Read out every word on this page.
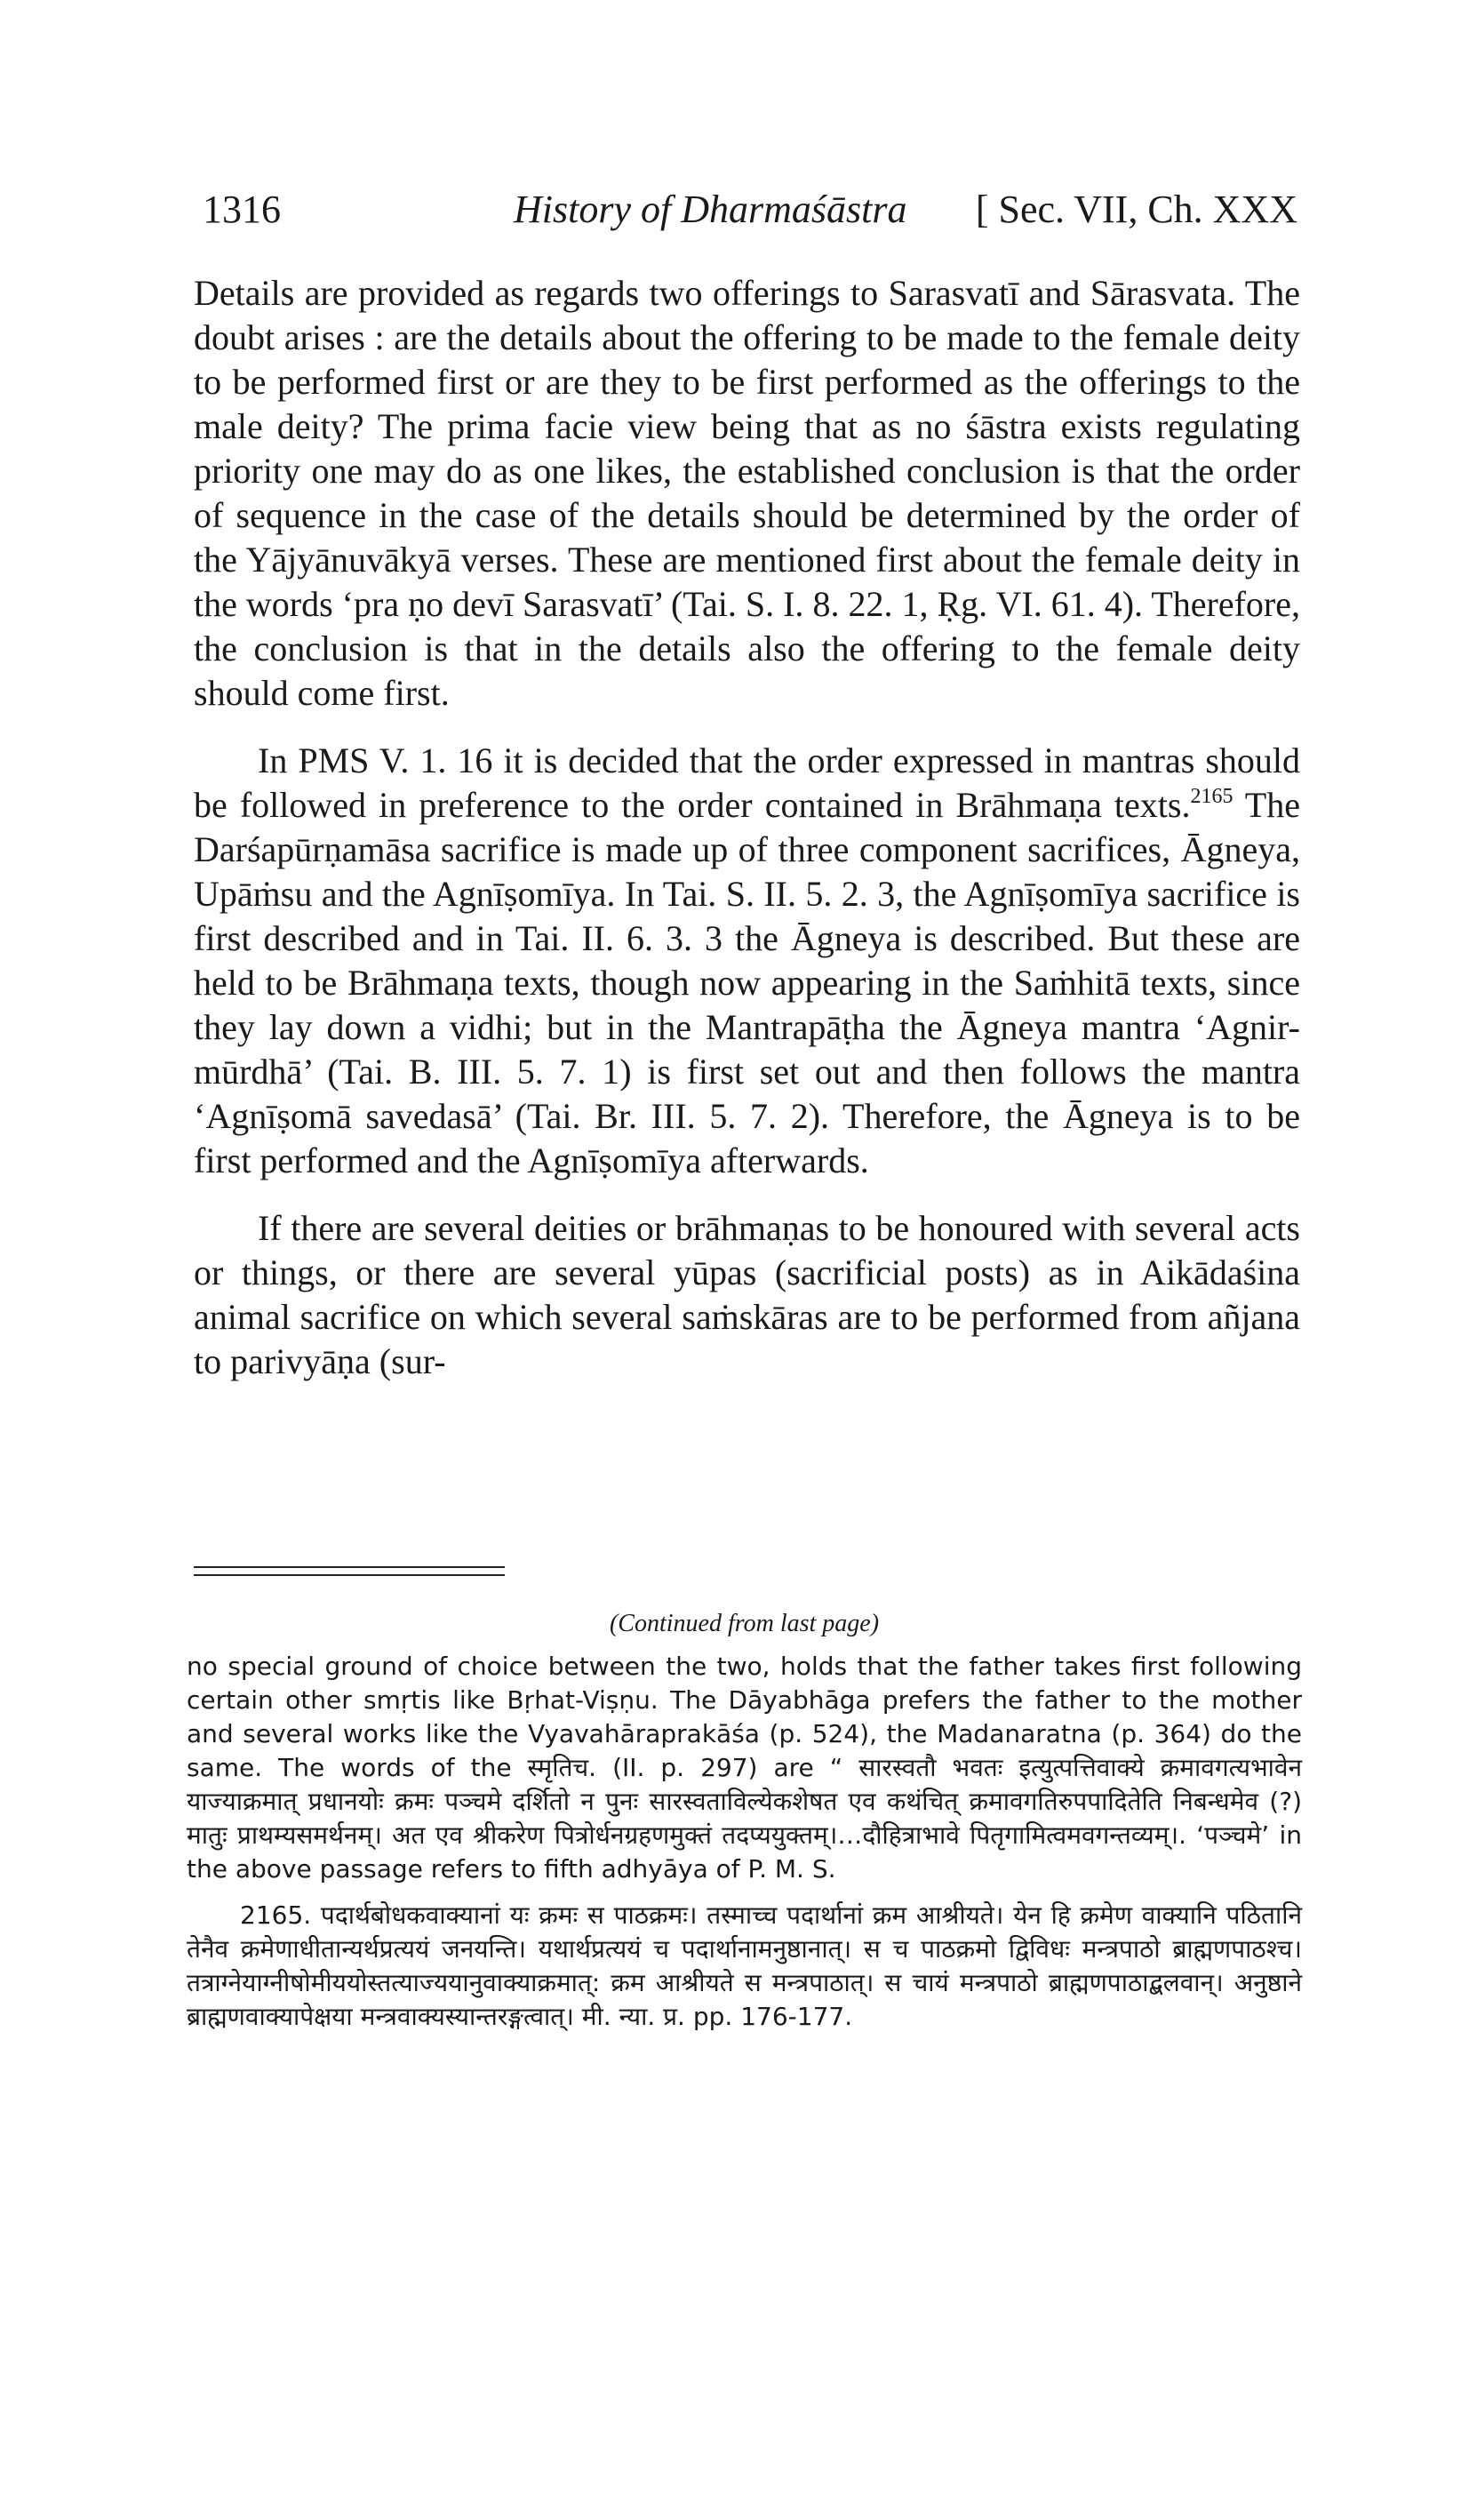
1316	History of Dharmaśāstra [ Sec. VII, Ch. XXX

Details are provided as regards two offerings to Sarasvatī and Sārasvata. The doubt arises : are the details about the offering to be made to the female deity to be performed first or are they to be first performed as the offerings to the male deity? The prima facie view being that as no śāstra exists regulating priority one may do as one likes, the established conclusion is that the order of sequence in the case of the details should be determined by the order of the Yājyānuvākyā verses. These are mentioned first about the female deity in the words ‘pra ṇo devī Sarasvatī’ (Tai. S. I. 8. 22. 1, Ṛg. VI. 61. 4). Therefore, the conclusion is that in the details also the offering to the female deity should come first.

In PMS V. 1. 16 it is decided that the order expressed in mantras should be followed in preference to the order contained in Brāhmaṇa texts.$^{2165}$ The Darśapūrṇamāsa sacrifice is made up of three component sacrifices, Āgneya, Upāṁsu and the Agnīṣomīya. In Tai. S. II. 5. 2. 3, the Agnīṣomīya sacrifice is first described and in Tai. II. 6. 3. 3 the Āgneya is described. But these are held to be Brāhmaṇa texts, though now appearing in the Saṁhitā texts, since they lay down a vidhi; but in the Mantrapāṭha the Āgneya mantra ‘Agnir-mūrdhā’ (Tai. B. III. 5. 7. 1) is first set out and then follows the mantra ‘Agnīṣomā savedasā’ (Tai. Br. III. 5. 7. 2). Therefore, the Āgneya is to be first performed and the Agnīṣomīya afterwards.

If there are several deities or brāhmaṇas to be honoured with several acts or things, or there are several yūpas (sacrificial posts) as in Aikādaśina animal sacrifice on which several saṁskāras are to be performed from añjana to parivyāṇa (sur-

(Continued from last page)

no special ground of choice between the two, holds that the father takes first following certain other smṛtis like Bṛhat-Viṣṇu. The Dāyabhāga prefers the father to the mother and several works like the Vyavahāraprakāśa (p. 524), the Madanaratna (p. 364) do the same. The words of the स्मृतिच. (II. p. 297) are “ सारस्वतौ भवतः इत्युत्पत्तिवाक्ये क्रमावगत्यभावेन याज्याक्रमात् प्रधानयोः क्रमः पञ्चमे दर्शितो न पुनः सारस्वताविल्येकशेषत एव कथंचित् क्रमावगतिरुपपादितेति निबन्धमेव (?) मातुः प्राथम्यसमर्थनम्। अत एव श्रीकरेण पित्रोर्धनग्रहणमुक्तं तदप्ययुक्तम्।…दौहित्राभावे पितृगामित्वमवगन्तव्यम्।. ‘पञ्चमे’ in the above passage refers to fifth adhyāya of P. M. S.

2165. पदार्थबोधकवाक्यानां यः क्रमः स पाठक्रमः। तस्माच्च पदार्थानां क्रम आश्रीयते। येन हि क्रमेण वाक्यानि पठितानि तेनैव क्रमेणाधीतान्यर्थप्रत्ययं जनयन्ति। यथार्थप्रत्ययं च पदार्थानामनुष्ठानात्। स च पाठक्रमो द्विविधः मन्त्रपाठो ब्राह्मणपाठश्च। तत्राग्नेयाग्नीषोमीययोस्तत्याज्ययानुवाक्याक्रमात्: क्रम आश्रीयते स मन्त्रपाठात्। स चायं मन्त्रपाठो ब्राह्मणपाठाद्बलवान्। अनुष्ठाने ब्राह्मणवाक्यापेक्षया मन्त्रवाक्यस्यान्तरङ्गत्वात्। मी. न्या. प्र. pp. 176-177.
